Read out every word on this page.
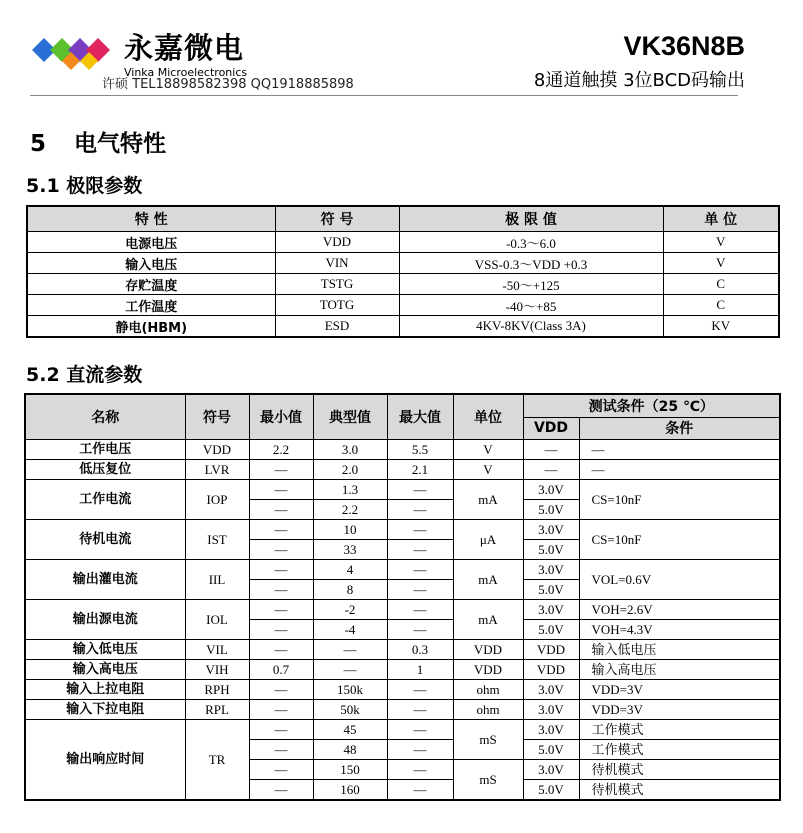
永嘉微电
Vinka Microelectronics
许硕 TEL18898582398 QQ1918885898
VK36N8B
8通道触摸 3位BCD码输出
5 电气特性
5.1 极限参数
特 性	符 号	极 限 值	单 位
电源电压	VDD	-0.3～6.0	V
输入电压	VIN	VSS-0.3～VDD +0.3	V
存贮温度	TSTG	-50～+125	C
工作温度	TOTG	-40～+85	C
静电(HBM)	ESD	4KV-8KV(Class 3A)	KV
5.2 直流参数
名称	符号	最小值	典型值	最大值	单位	测试条件（25 ℃）	
						VDD	条件
工作电压	VDD	2.2	3.0	5.5	V	—	—
低压复位	LVR	—	2.0	2.1	V	—	—
工作电流	IOP	—	1.3	—	mA	3.0V	CS=10nF
		—	2.2	—		5.0V	
待机电流	IST	—	10	—	μA	3.0V	CS=10nF
		—	33	—		5.0V	
输出灌电流	IIL	—	4	—	mA	3.0V	VOL=0.6V
		—	8	—		5.0V	
输出源电流	IOL	—	-2	—	mA	3.0V	VOH=2.6V
		—	-4	—		5.0V	VOH=4.3V
输入低电压	VIL	—	—	0.3	VDD	VDD	输入低电压
输入高电压	VIH	0.7	—	1	VDD	VDD	输入高电压
输入上拉电阻	RPH	—	150k	—	ohm	3.0V	VDD=3V
输入下拉电阻	RPL	—	50k	—	ohm	3.0V	VDD=3V
输出响应时间	TR	—	45	—	mS	3.0V	工作模式
		—	48	—		5.0V	工作模式
		—	150	—	mS	3.0V	待机模式
		—	160	—		5.0V	待机模式
